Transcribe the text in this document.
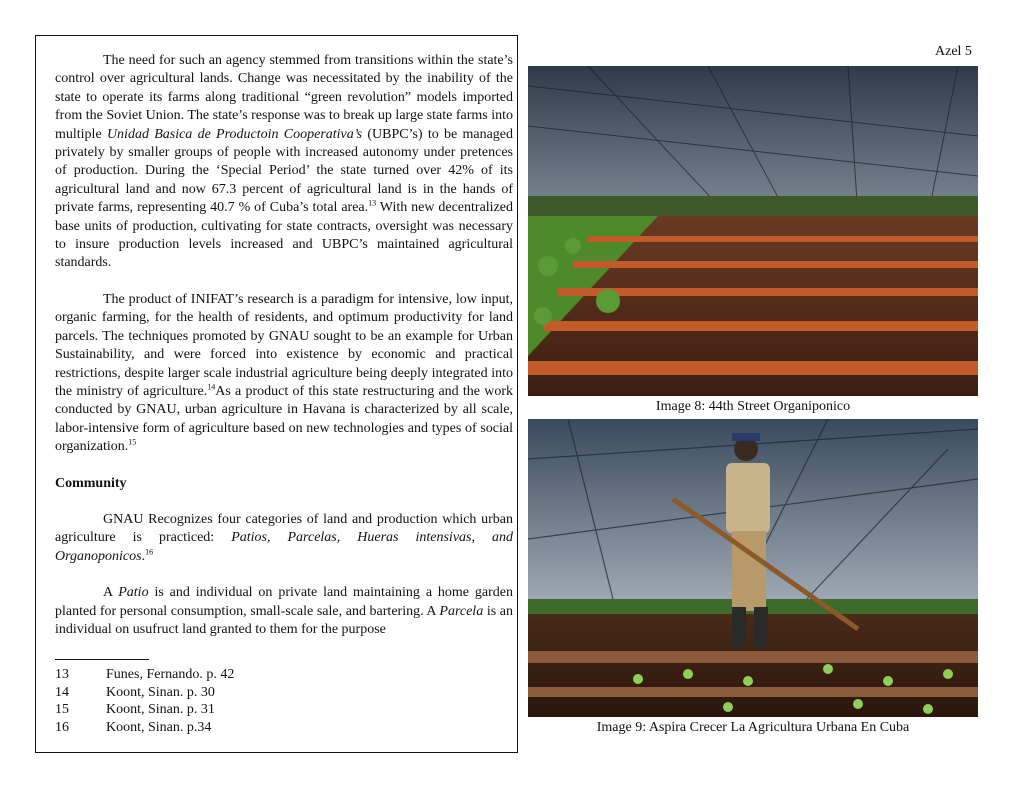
Azel 5

The need for such an agency stemmed from transitions within the state’s control over agricultural lands. Change was necessitated by the inability of the state to operate its farms along traditional “green revolution” models imported from the Soviet Union. The state’s response was to break up large state farms into multiple Unidad Basica de Productoin Cooperativa’s (UBPC’s) to be managed privately by smaller groups of people with increased autonomy under pretences of production. During the ‘Special Period’ the state turned over 42% of its agricultural land and now 67.3 percent of agricultural land is in the hands of private farms, representing 40.7 % of Cuba’s total area.$^{13}$ With new decentralized base units of production, cultivating for state contracts, oversight was necessary to insure production levels increased and UBPC’s maintained agricultural standards.

The product of INIFAT’s research is a paradigm for intensive, low input, organic farming, for the health of residents, and optimum productivity for land parcels. The techniques promoted by GNAU sought to be an example for Urban Sustainability, and were forced into existence by economic and practical restrictions, despite larger scale industrial agriculture being deeply integrated into the ministry of agriculture.$^{14}$As a product of this state restructuring and the work conducted by GNAU, urban agriculture in Havana is characterized by all scale, labor-intensive form of agriculture based on new technologies and types of social organization.$^{15}$

Community

GNAU Recognizes four categories of land and production which urban agriculture is practiced: Patios, Parcelas, Hueras intensivas, and Organoponicos.$^{16}$

A Patio is and individual on private land maintaining a home garden planted for personal consumption, small-scale sale, and bartering. A Parcela is an individual on usufruct land granted to them for the purpose

13	Funes, Fernando. p. 42
14	Koont, Sinan. p. 30
15	Koont, Sinan. p. 31
16	Koont, Sinan. p.34
Image 8: 44th Street Organiponico
Image 9: Aspira Crecer La Agricultura Urbana En Cuba
